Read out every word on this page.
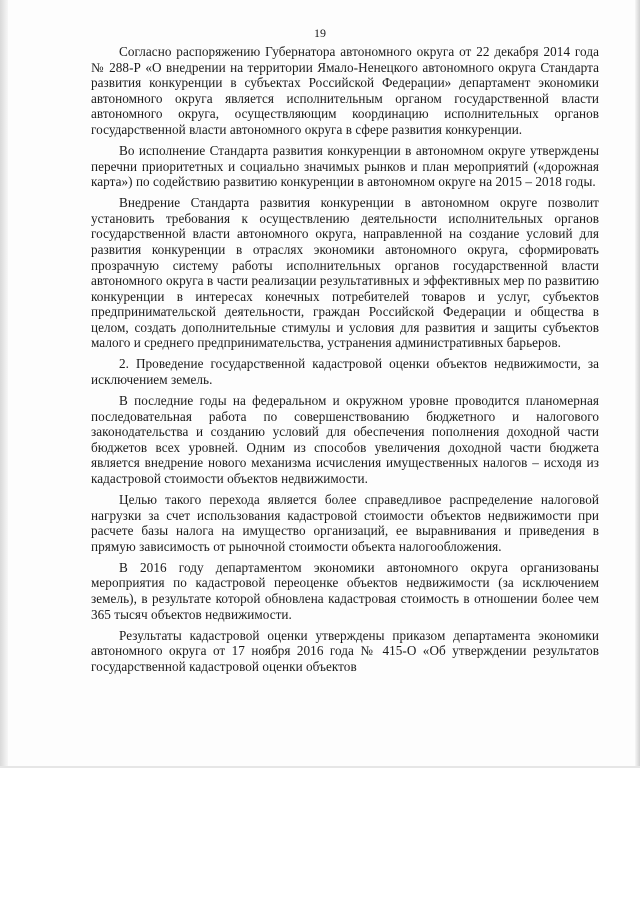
19

Согласно распоряжению Губернатора автономного округа от 22 декабря 2014 года № 288-Р «О внедрении на территории Ямало-Ненецкого автономного округа Стандарта развития конкуренции в субъектах Российской Федерации» департамент экономики автономного округа является исполнительным органом государственной власти автономного округа, осуществляющим координацию исполнительных органов государственной власти автономного округа в сфере развития конкуренции.

Во исполнение Стандарта развития конкуренции в автономном округе утверждены перечни приоритетных и социально значимых рынков и план мероприятий («дорожная карта») по содействию развитию конкуренции в автономном округе на 2015 – 2018 годы.

Внедрение Стандарта развития конкуренции в автономном округе позволит установить требования к осуществлению деятельности исполнительных органов государственной власти автономного округа, направленной на создание условий для развития конкуренции в отраслях экономики автономного округа, сформировать прозрачную систему работы исполнительных органов государственной власти автономного округа в части реализации результативных и эффективных мер по развитию конкуренции в интересах конечных потребителей товаров и услуг, субъектов предпринимательской деятельности, граждан Российской Федерации и общества в целом, создать дополнительные стимулы и условия для развития и защиты субъектов малого и среднего предпринимательства, устранения административных барьеров.

2. Проведение государственной кадастровой оценки объектов недвижимости, за исключением земель.

В последние годы на федеральном и окружном уровне проводится планомерная последовательная работа по совершенствованию бюджетного и налогового законодательства и созданию условий для обеспечения пополнения доходной части бюджетов всех уровней. Одним из способов увеличения доходной части бюджета является внедрение нового механизма исчисления имущественных налогов – исходя из кадастровой стоимости объектов недвижимости.

Целью такого перехода является более справедливое распределение налоговой нагрузки за счет использования кадастровой стоимости объектов недвижимости при расчете базы налога на имущество организаций, ее выравнивания и приведения в прямую зависимость от рыночной стоимости объекта налогообложения.

В 2016 году департаментом экономики автономного округа организованы мероприятия по кадастровой переоценке объектов недвижимости (за исключением земель), в результате которой обновлена кадастровая стоимость в отношении более чем 365 тысяч объектов недвижимости.

Результаты кадастровой оценки утверждены приказом департамента экономики автономного округа от 17 ноября 2016 года № 415-О «Об утверждении результатов государственной кадастровой оценки объектов
